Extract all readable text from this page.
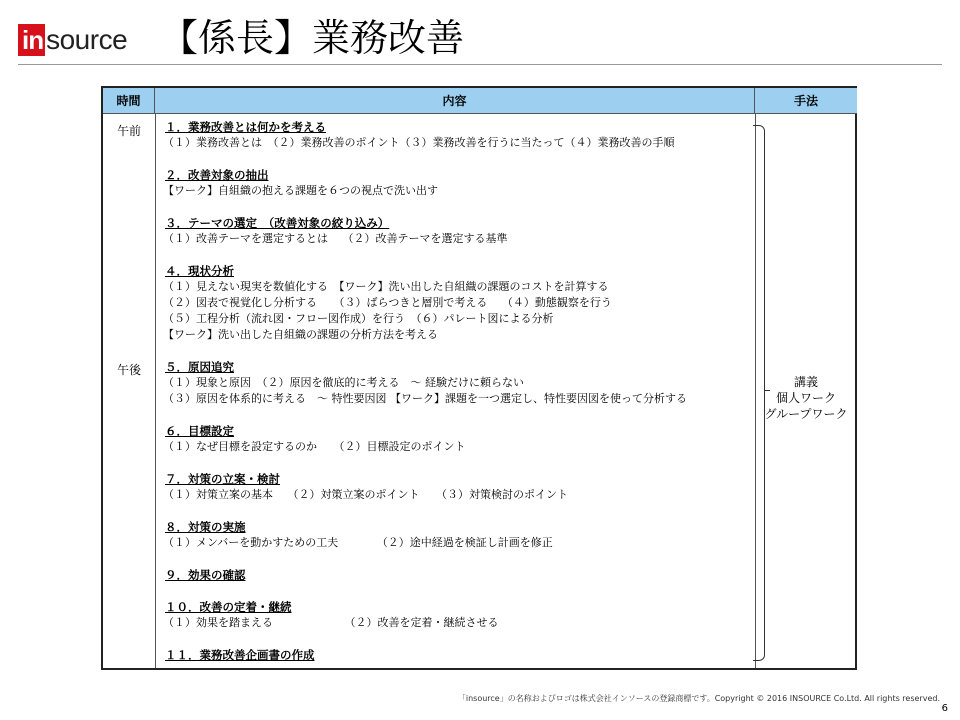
in source 【係長】業務改善
時間	内容	手法
午前
午後
１．業務改善とは何かを考える
（１）業務改善とは　（２）業務改善のポイント（３）業務改善を行うに当たって（４）業務改善の手順
２．改善対象の抽出
【ワーク】自組織の抱える課題を６つの視点で洗い出す
３．テーマの選定　（改善対象の絞り込み）
（１）改善テーマを選定するとは　 （２）改善テーマを選定する基準
４．現状分析
（１）見えない現実を数値化する　【ワーク】洗い出した自組織の課題のコストを計算する
（２）図表で視覚化し分析する　　（３）ばらつきと層別で考える　 （４）動態観察を行う
（５）工程分析（流れ図・フロー図作成）を行う　（６）パレート図による分析
【ワーク】洗い出した自組織の課題の分析方法を考える
５．原因追究
（１）現象と原因　（２）原因を徹底的に考える　～ 経験だけに頼らない
（３）原因を体系的に考える　～ 特性要因図 【ワーク】課題を一つ選定し、特性要因図を使って分析する
６．目標設定
（１）なぜ目標を設定するのか　　（２）目標設定のポイント
７．対策の立案・検討
（１）対策立案の基本　 （２）対策立案のポイント　　（３）対策検討のポイント
８．対策の実施
（１）メンバーを動かすための工夫　　　　（２）途中経過を検証し計画を修正
９．効果の確認
１０．改善の定着・継続
（１）効果を踏まえる　　　　　　　（２）改善を定着・継続させる
１１．業務改善企画書の作成
講義
個人ワーク
グループワーク
「insource」の名称およびロゴは株式会社インソースの登録商標です。Copyright © 2016 INSOURCE Co.Ltd. All rights reserved.
6
